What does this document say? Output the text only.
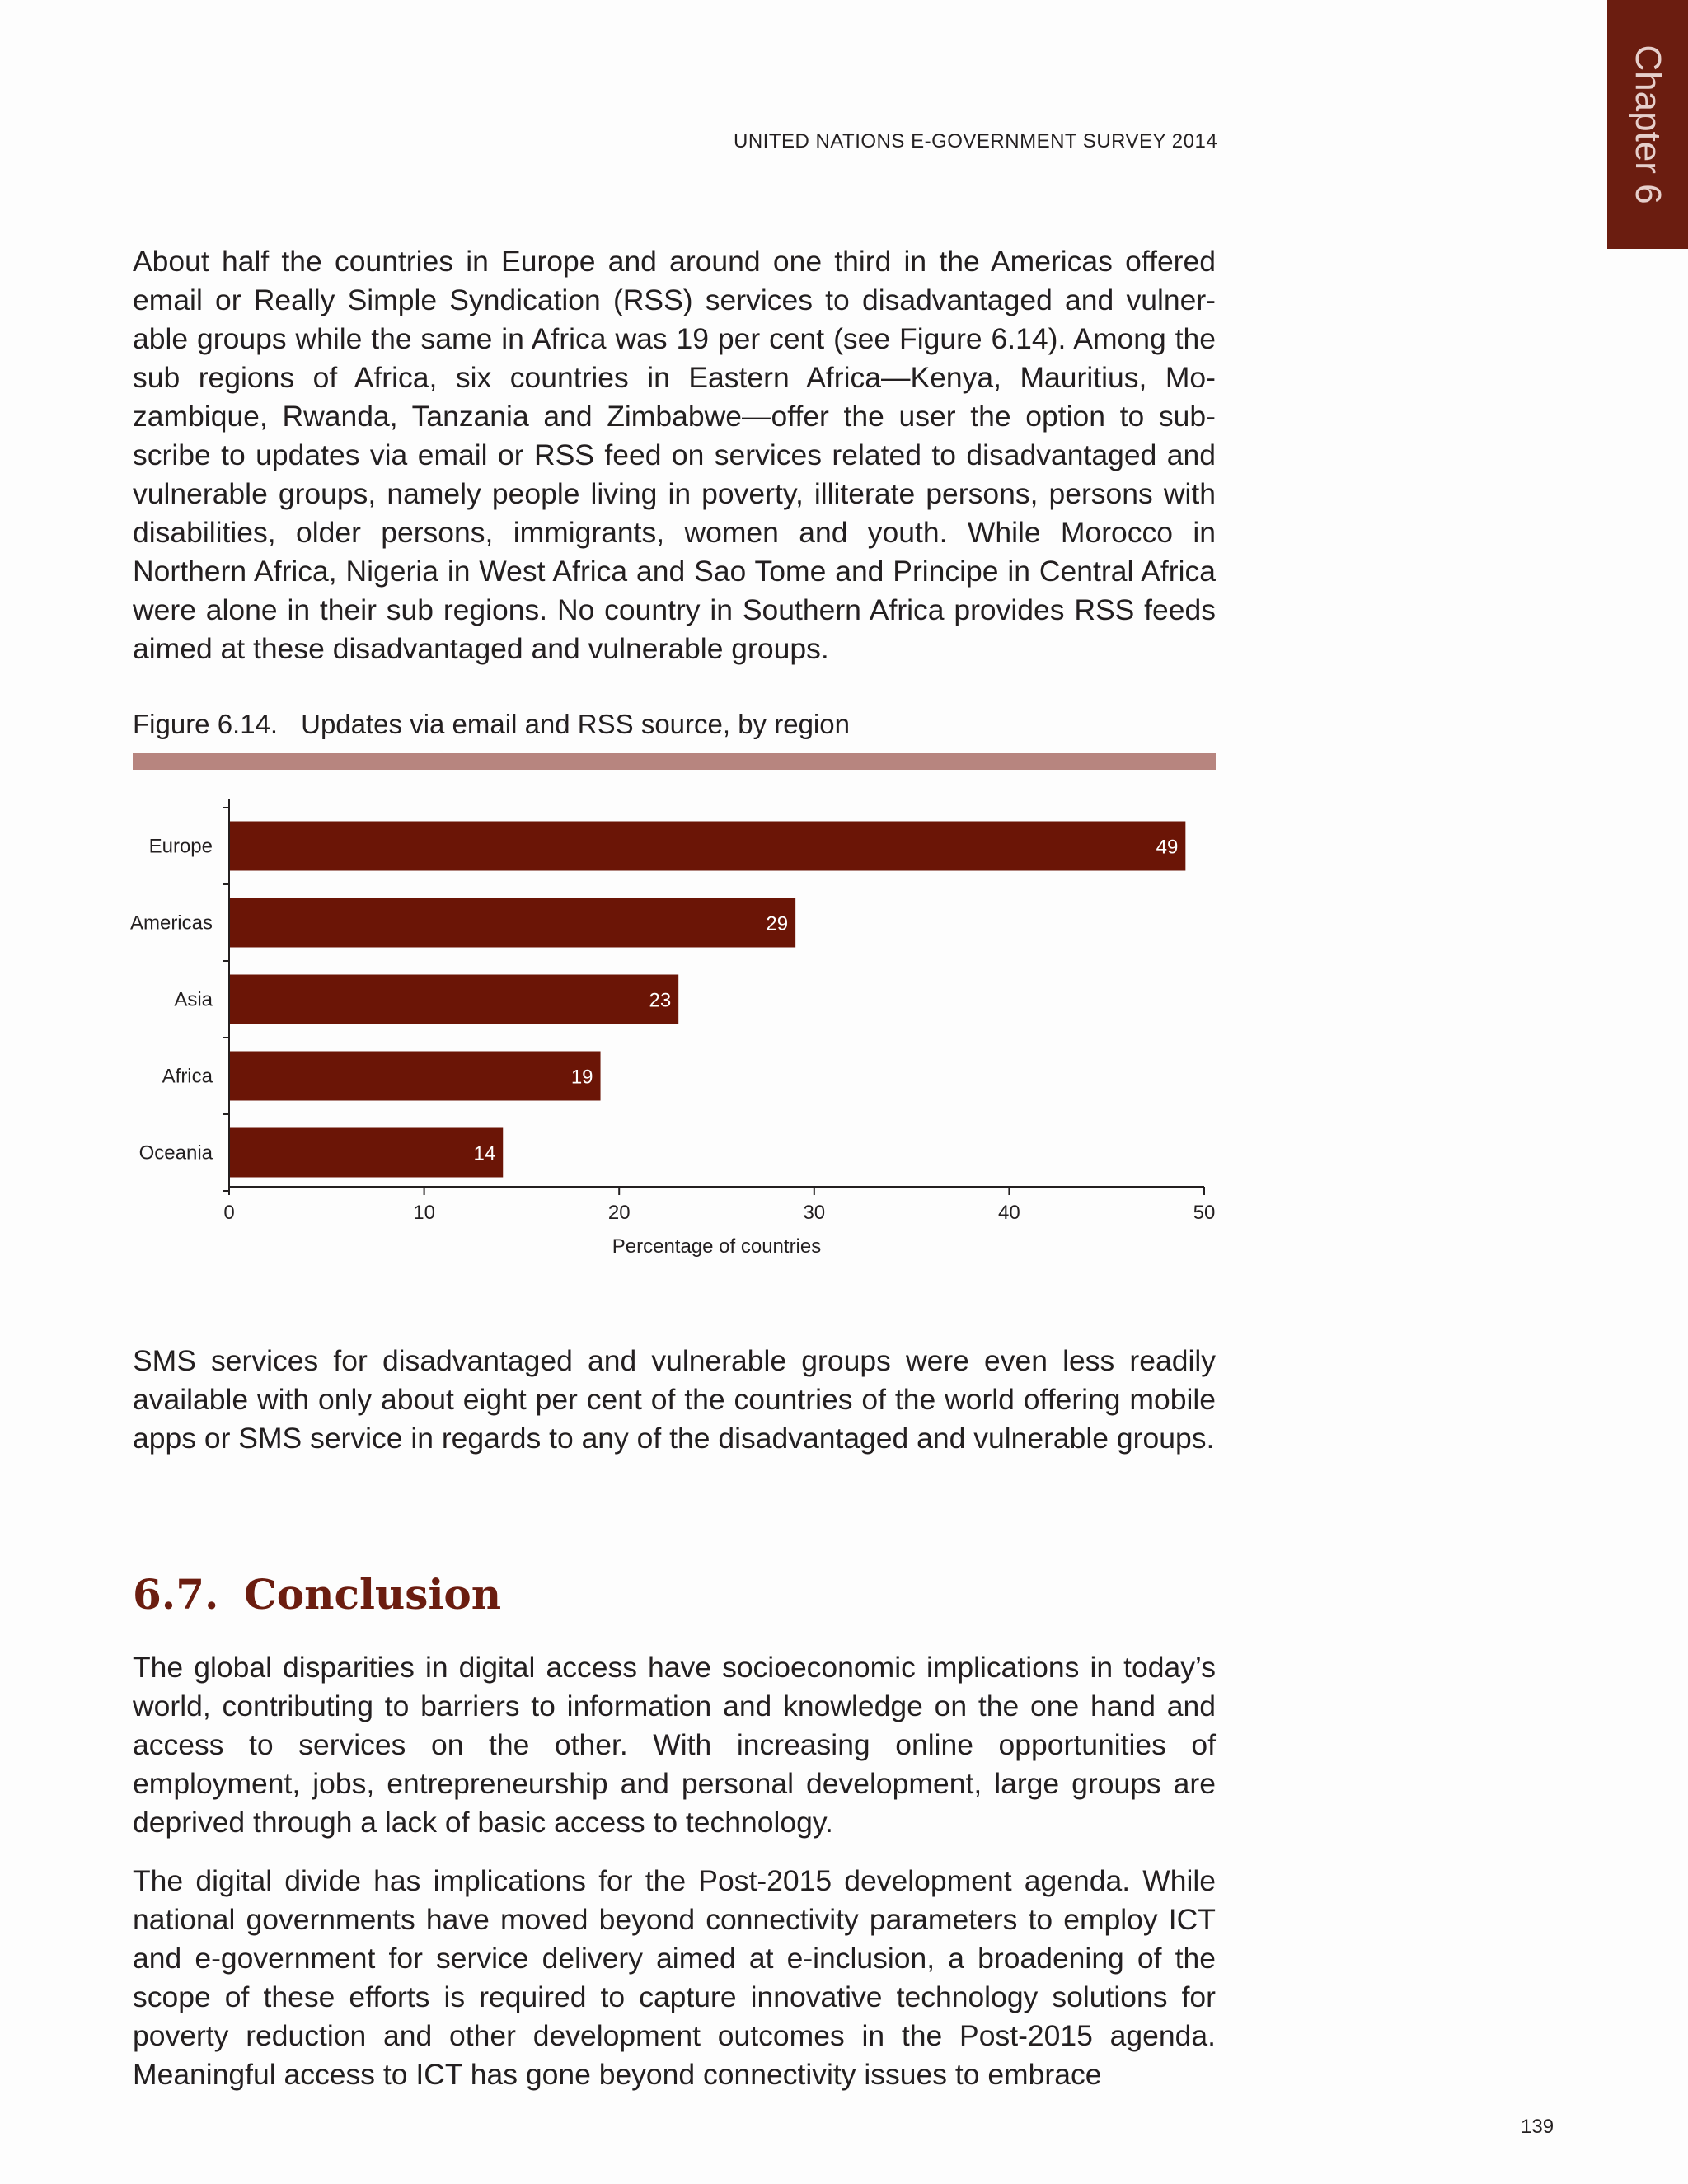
Chapter 6
UNITED NATIONS E-GOVERNMENT SURVEY 2014

About half the countries in Europe and around one third in the Americas offered email or Really Simple Syndication (RSS) services to disadvantaged and vulnerable groups while the same in Africa was 19 per cent (see Figure 6.14). Among the sub regions of Africa, six countries in Eastern Africa—Kenya, Mauritius, Mozambique, Rwanda, Tanzania and Zimbabwe—offer the user the option to subscribe to updates via email or RSS feed on services related to disadvantaged and vulnerable groups, namely people living in poverty, illiterate persons, persons with disabilities, older persons, immigrants, women and youth. While Morocco in Northern Africa, Nigeria in West Africa and Sao Tome and Principe in Central Africa were alone in their sub regions. No country in Southern Africa provides RSS feeds aimed at these disadvantaged and vulnerable groups.

Figure 6.14. Updates via email and RSS source, by region
Europe	49
Americas	29
Asia	23
Africa	19
Oceania	14
0	10	20	30	40	50
Percentage of countries

SMS services for disadvantaged and vulnerable groups were even less readily available with only about eight per cent of the countries of the world offering mobile apps or SMS service in regards to any of the disadvantaged and vulnerable groups.

6.7. Conclusion

The global disparities in digital access have socioeconomic implications in today’s world, contributing to barriers to information and knowledge on the one hand and access to services on the other. With increasing online opportunities of employment, jobs, entrepreneurship and personal development, large groups are deprived through a lack of basic access to technology.

The digital divide has implications for the Post-2015 development agenda. While national governments have moved beyond connectivity parameters to employ ICT and e-government for service delivery aimed at e-inclusion, a broadening of the scope of these efforts is required to capture innovative technology solutions for poverty reduction and other development outcomes in the Post-2015 agenda. Meaningful access to ICT has gone beyond connectivity issues to embrace

139
